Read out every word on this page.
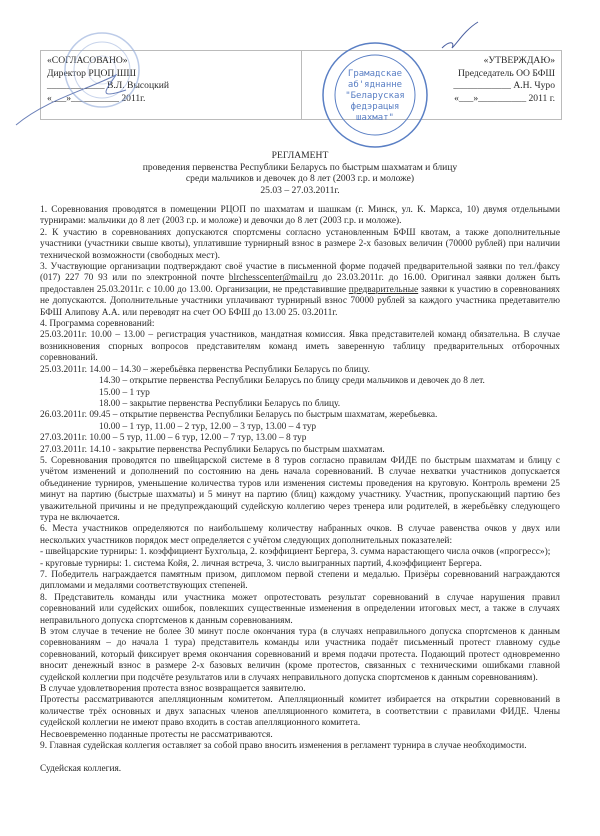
«СОГЛАСОВАНО»
Директор РЦОП ШШ
____________ В.Л. Высоцкий
«___»__________ 2011г.
«УТВЕРЖДАЮ»
Председатель ОО БФШ
____________ А.Н. Чуро
«___»__________ 2011 г.
Грамадскае
аб'яднанне
"Беларуская
федэрацыя
шахмат"
РЕГЛАМЕНТ
проведения первенства Республики Беларусь по быстрым шахматам и блицу
среди мальчиков и девочек до 8 лет (2003 г.р. и моложе)
25.03 – 27.03.2011г.

1. Соревнования проводятся в помещении РЦОП по шахматам и шашкам (г. Минск, ул. К. Маркса, 10) двумя отдельными турнирами: мальчики до 8 лет (2003 г.р. и моложе) и девочки до 8 лет (2003 г.р. и моложе).

2. К участию в соревнованиях допускаются спортсмены согласно установленным БФШ квотам, а также дополнительные участники (участники свыше квоты), уплатившие турнирный взнос в размере 2-х базовых величин (70000 рублей) при наличии технической возможности (свободных мест).

3. Участвующие организации подтверждают своё участие в письменной форме подачей предварительной заявки по тел./факсу (017) 227 70 93 или по электронной почте blrchesscenter@mail.ru до 23.03.2011г. до 16.00. Оригинал заявки должен быть предоставлен 25.03.2011г. с 10.00 до 13.00. Организации, не представившие предварительные заявки к участию в соревнованиях не допускаются. Дополнительные участники уплачивают турнирный взнос 70000 рублей за каждого участника предетавителю БФШ Алипову А.А. или переводят на счет ОО БФШ до 13.00 25. 03.2011г.

4. Программа соревнований:

25.03.2011г. 10.00 – 13.00 – регистрация участников, мандатная комиссия. Явка представителей команд обязательна. В случае возникновения спорных вопросов представителям команд иметь заверенную таблицу предварительных отборочных соревнований.

25.03.2011г. 14.00 – 14.30 – жеребьёвка первенства Республики Беларусь по блицу.

14.30 – открытие первенства Республики Беларусь по блицу среди мальчиков и девочек до 8 лет.

15.00 – 1 тур

18.00 – закрытие первенства Республики Беларусь по блицу.

26.03.2011г. 09.45 – открытие первенства Республики Беларусь по быстрым шахматам, жеребьевка.

10.00 – 1 тур, 11.00 – 2 тур, 12.00 – 3 тур, 13.00 – 4 тур

27.03.2011г. 10.00 – 5 тур, 11.00 – 6 тур, 12.00 – 7 тур, 13.00 – 8 тур

27.03.2011г. 14.10 - закрытие первенства Республики Беларусь по быстрым шахматам.

5. Соревнования проводятся по швейцарской системе в 8 туров согласно правилам ФИДЕ по быстрым шахматам и блицу с учётом изменений и дополнений по состоянию на день начала соревнований. В случае нехватки участников допускается объединение турниров, уменьшение количества туров или изменения системы проведения на круговую. Контроль времени 25 минут на партию (быстрые шахматы) и 5 минут на партию (блиц) каждому участнику. Участник, пропускающий партию без уважительной причины и не предупреждающий судейскую коллегию через тренера или родителей, в жеребьёвку следующего тура не включается.

6. Места участников определяются по наибольшему количеству набранных очков. В случае равенства очков у двух или нескольких участников порядок мест определяется с учётом следующих дополнительных показателей:

- швейцарские турниры: 1. коэффициент Бухгольца, 2. коэффициент Бергера, 3. сумма нарастающего числа очков («прогресс»);

- круговые турниры: 1. система Койя, 2. личная встреча, 3. число выигранных партий, 4.коэффициент Бергера.

7. Победитель награждается памятным призом, дипломом первой степени и медалью. Призёры соревнований награждаются дипломами и медалями соответствующих степеней.

8. Представитель команды или участника может опротестовать результат соревнований в случае нарушения правил соревнований или судейских ошибок, повлекших существенные изменения в определении итоговых мест, а также в случаях неправильного допуска спортсменов к данным соревнованиям.

В этом случае в течение не более 30 минут после окончания тура (в случаях неправильного допуска спортсменов к данным соревнованиям – до начала 1 тура) представитель команды или участника подаёт письменный протест главному судье соревнований, который фиксирует время окончания соревнований и время подачи протеста. Подающий протест одновременно вносит денежный взнос в размере 2-х базовых величин (кроме протестов, связанных с техническими ошибками главной судейской коллегии при подсчёте результатов или в случаях неправильного допуска спортсменов к данным соревнованиям).

В случае удовлетворения протеста взнос возвращается заявителю.

Протесты рассматриваются апелляционным комитетом. Апелляционный комитет избирается на открытии соревнований в количестве трёх основных и двух запасных членов апелляционного комитета, в соответствии с правилами ФИДЕ. Члены судейской коллегии не имеют право входить в состав апелляционного комитета.

Несвоевременно поданные протесты не рассматриваются.

9. Главная судейская коллегия оставляет за собой право вносить изменения в регламент турнира в случае необходимости.

Судейская коллегия.
